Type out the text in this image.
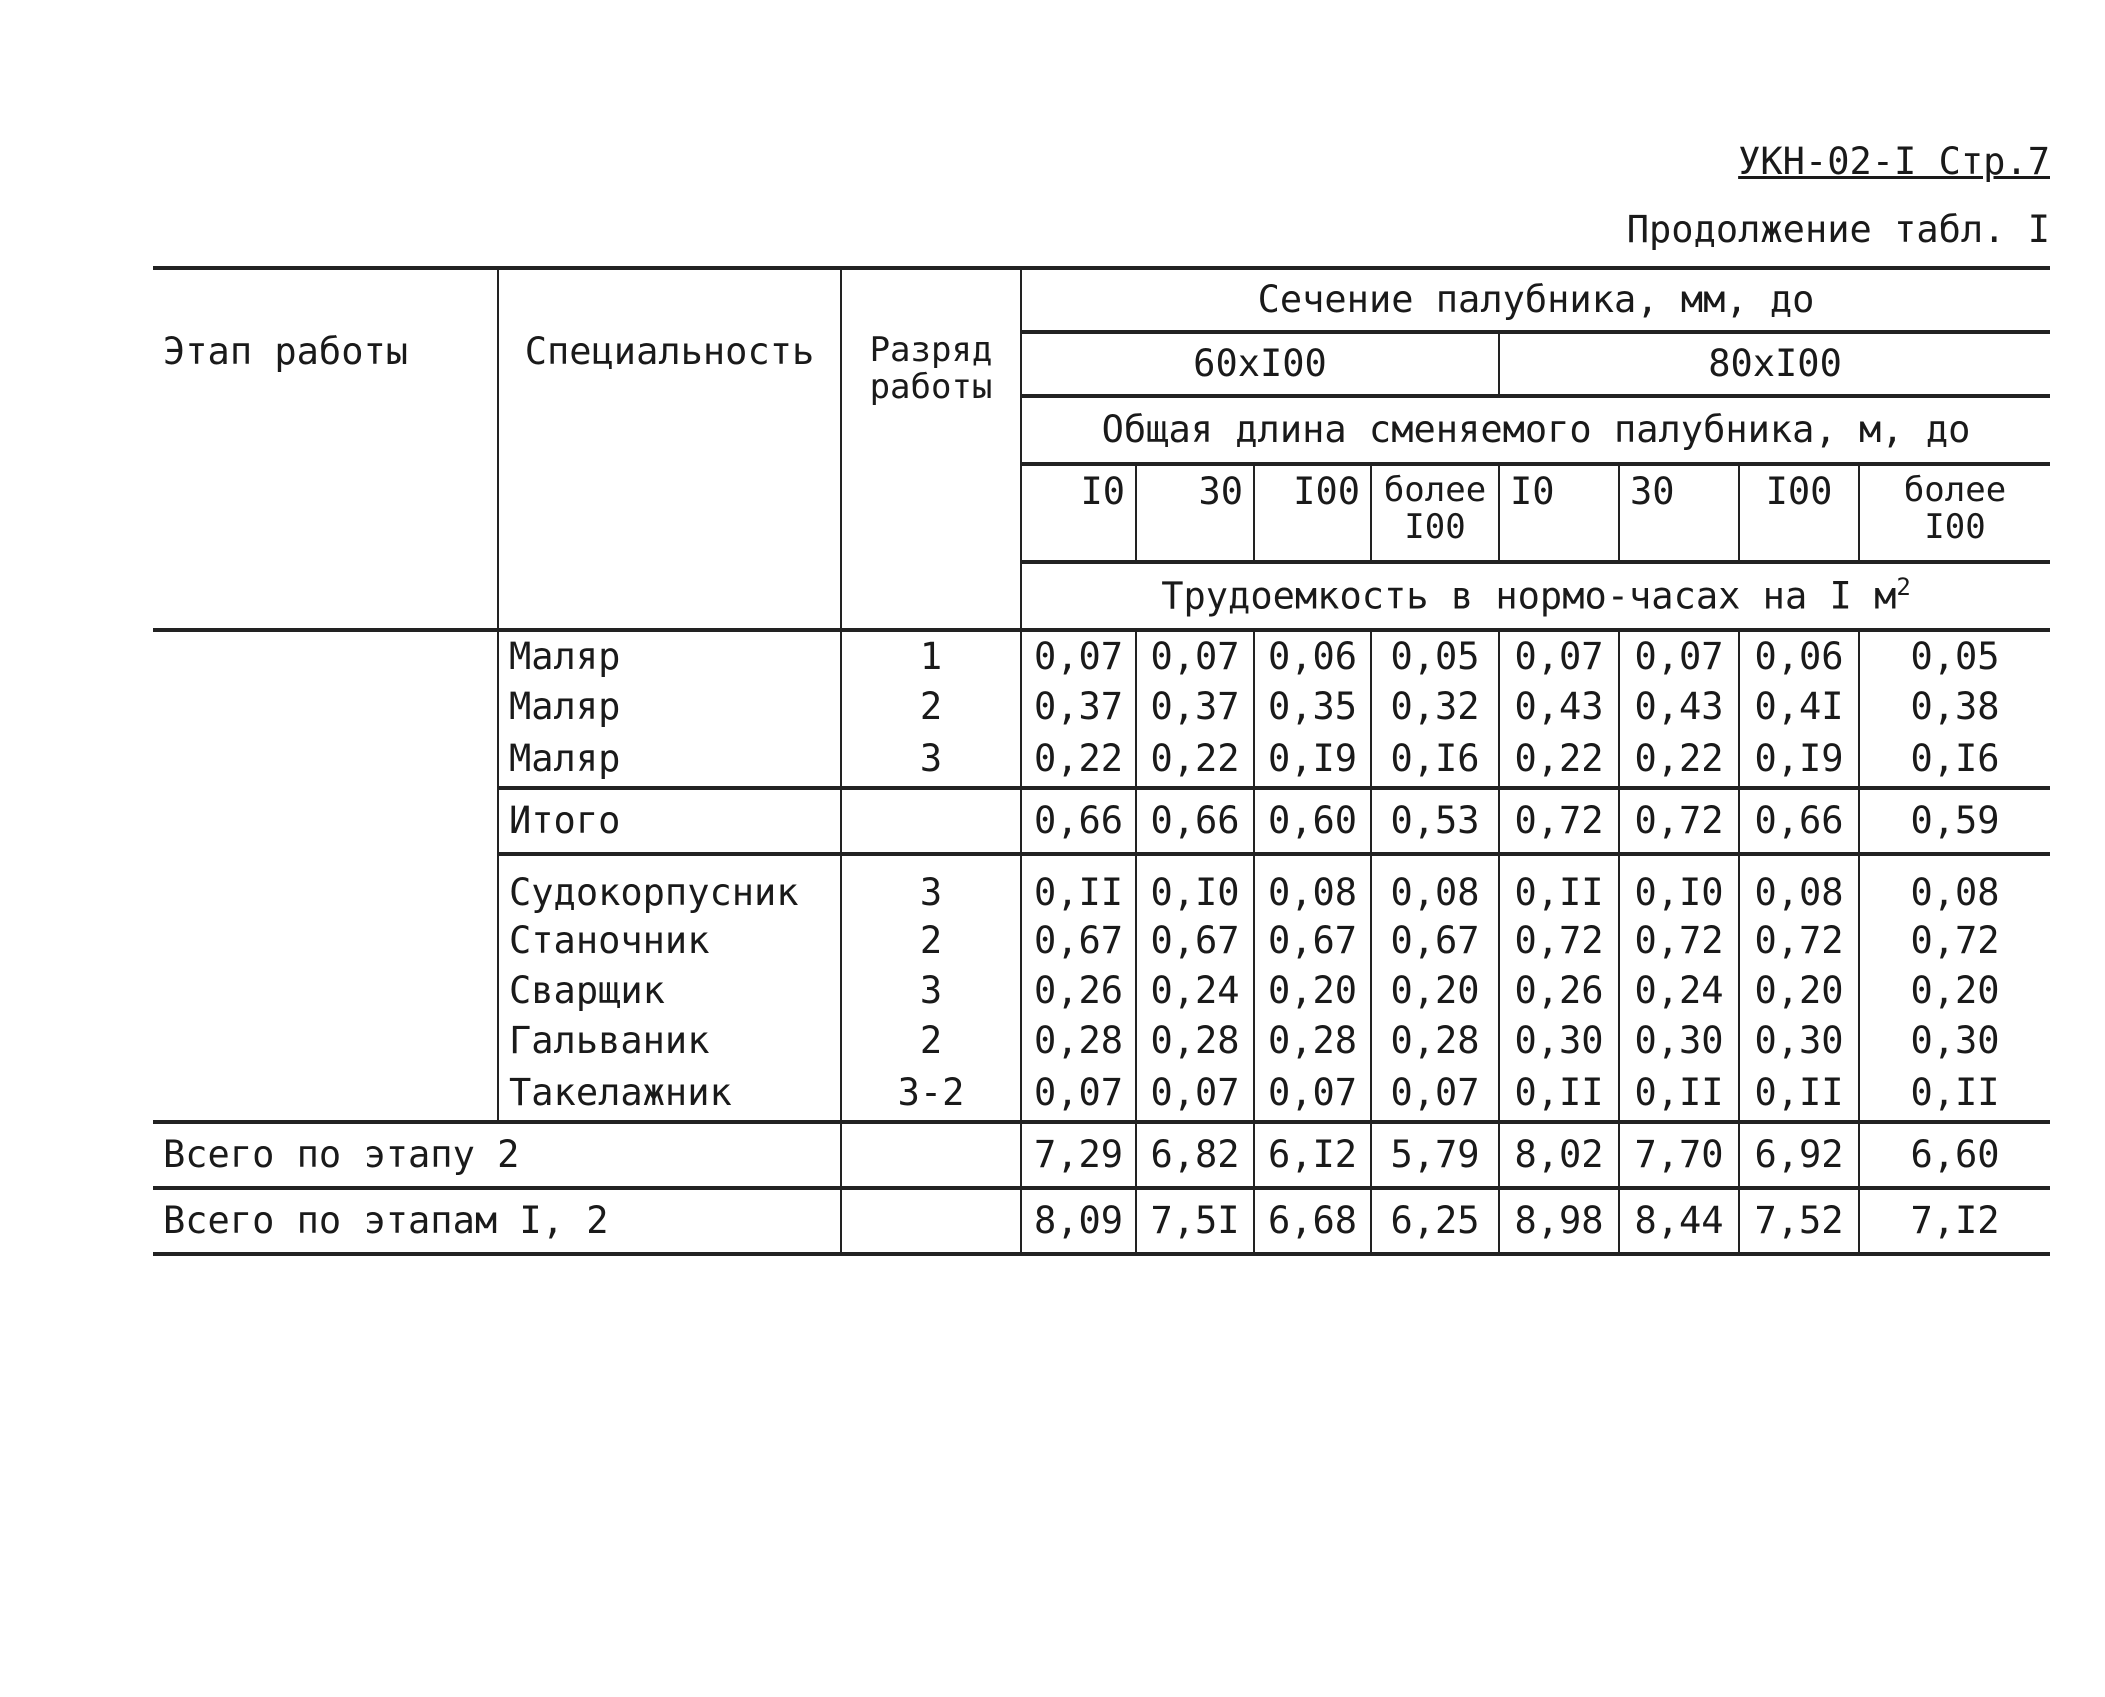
УКН-02-I Стр.7
Продолжение табл. I
Этап работы	Специальность	Разряд работы	Сечение палубника, мм, до							
			60xI00				80xI00			
			Общая длина сменяемого палубника, м, до							
			I0	30	I00	более I00	I0	30	I00	более I00
			Трудоемкость в нормо-часах на I $м^2$
	Маляр	1	0,07	0,07	0,06	0,05	0,07	0,07	0,06	0,05
	Маляр	2	0,37	0,37	0,35	0,32	0,43	0,43	0,4I	0,38
	Маляр	3	0,22	0,22	0,I9	0,I6	0,22	0,22	0,I9	0,I6
	Итого		0,66	0,66	0,60	0,53	0,72	0,72	0,66	0,59
	Судокорпусник	3	0,II	0,I0	0,08	0,08	0,II	0,I0	0,08	0,08
	Станочник	2	0,67	0,67	0,67	0,67	0,72	0,72	0,72	0,72
	Сварщик	3	0,26	0,24	0,20	0,20	0,26	0,24	0,20	0,20
	Гальваник	2	0,28	0,28	0,28	0,28	0,30	0,30	0,30	0,30
	Такелажник	3-2	0,07	0,07	0,07	0,07	0,II	0,II	0,II	0,II
Всего по этапу 2			7,29	6,82	6,I2	5,79	8,02	7,70	6,92	6,60
Всего по этапам I, 2			8,09	7,5I	6,68	6,25	8,98	8,44	7,52	7,I2
